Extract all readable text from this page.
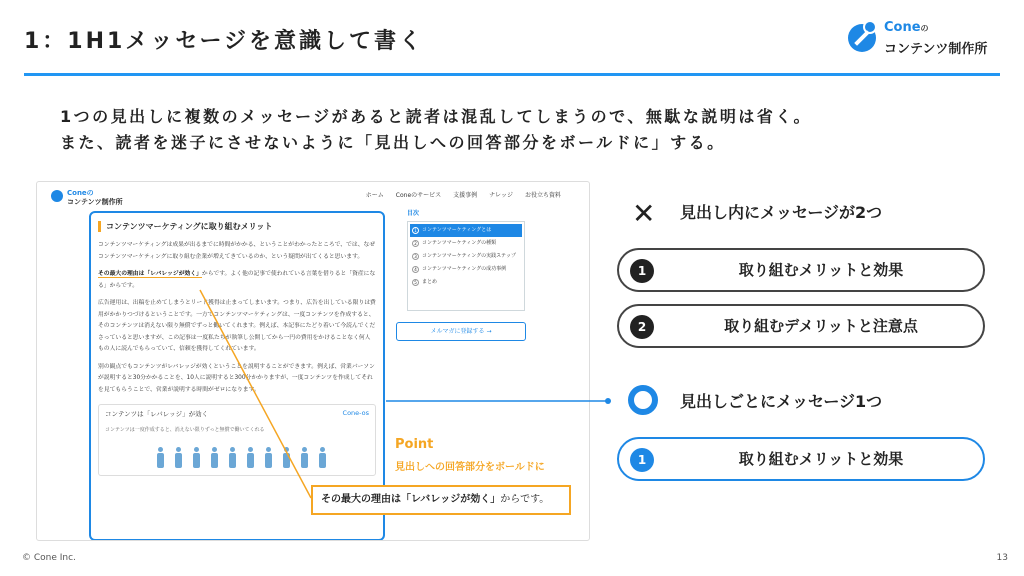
1：1H1メッセージを意識して書く
Coneの
コンテンツ制作所
1つの見出しに複数のメッセージがあると読者は混乱してしまうので、無駄な説明は省く。
また、読者を迷子にさせないように「見出しへの回答部分をボールドに」する。
Coneの
コンテンツ制作所
ホーム Coneのサービス 支援事例 ナレッジ お役立ち資料
コンテンツマーケティングに取り組むメリット
コンテンツマーケティングは成果が出るまでに時間がかかる、ということがわかったところで、では、なぜコンテンツマーケティングに取り組む企業が増えてきているのか、という疑問が出てくると思います。
その最大の理由は「レバレッジが効く」からです。よく他の記事で使われている言葉を借りると「資産になる」からです。
広告運用は、出稿を止めてしまうとリード獲得は止まってしまいます。つまり、広告を出している限りは費用がかかりつづけるということです。一方でコンテンツマーケティングは、一度コンテンツを作成すると、そのコンテンツは消えない限り無償でずっと働いてくれます。例えば、本記事にたどり着いて今読んでくださっていると思いますが、この記事は一度私たちが執筆し公開してから一円の費用をかけることなく何人もの人に読んでもらっていて、信頼を獲得してくれています。
別の観点でもコンテンツがレバレッジが効くということを説明することができます。例えば、営業パーソンが説明すると30分かかることを、10人に説明すると300分かかりますが、一度コンテンツを作成してそれを見てもらうことで、営業が説明する時間がゼロになります。
コンテンツは「レバレッジ」が効く	Cone-os
コンテンツは一度作成すると、消えない限りずっと無償で働いてくれる
目次
1	コンテンツマーケティングとは
2	コンテンツマーケティングの種類
3	コンテンツマーケティングの実践ステップ
4	コンテンツマーケティングの成功事例
5	まとめ
メルマガに登録する →
Point
見出しへの回答部分をボールドに
その最大の理由は「レバレッジが効く」からです。
✕	見出し内にメッセージが2つ
1	取り組むメリットと効果
2	取り組むデメリットと注意点
見出しごとにメッセージ1つ
1	取り組むメリットと効果
© Cone Inc.	13
